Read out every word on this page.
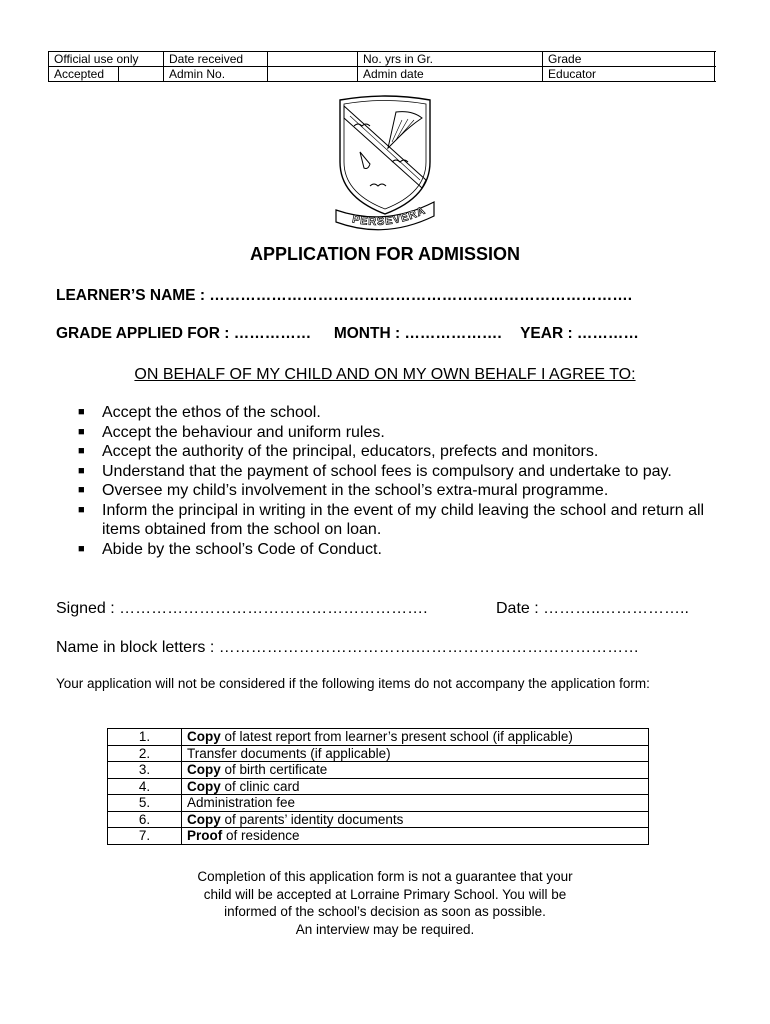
Official use only		Date received		No. yrs in Gr.	Grade
Accepted		Admin No.		Admin date	Educator
PERSEVERA
APPLICATION FOR ADMISSION
LEARNER’S NAME : ……………………………………………………………………….
GRADE APPLIED FOR : …………… MONTH : ………………. YEAR : …………
ON BEHALF OF MY CHILD AND ON MY OWN BEHALF I AGREE TO:
■ Accept the ethos of the school.
■ Accept the behaviour and uniform rules.
■ Accept the authority of the principal, educators, prefects and monitors.
■ Understand that the payment of school fees is compulsory and undertake to pay.
■ Oversee my child’s involvement in the school’s extra-mural programme.
■ Inform the principal in writing in the event of my child leaving the school and return all items obtained from the school on loan.
■ Abide by the school’s Code of Conduct.
Signed : ………………………………………………….	Date : ………..……………..
Name in block letters : ……………………………….……………………………………
Your application will not be considered if the following items do not accompany the application form:
1.	Copy of latest report from learner’s present school (if applicable)
2.	Transfer documents (if applicable)
3.	Copy of birth certificate
4.	Copy of clinic card
5.	Administration fee
6.	Copy of parents’ identity documents
7.	Proof of residence
Completion of this application form is not a guarantee that your
child will be accepted at Lorraine Primary School. You will be
informed of the school’s decision as soon as possible.
An interview may be required.
